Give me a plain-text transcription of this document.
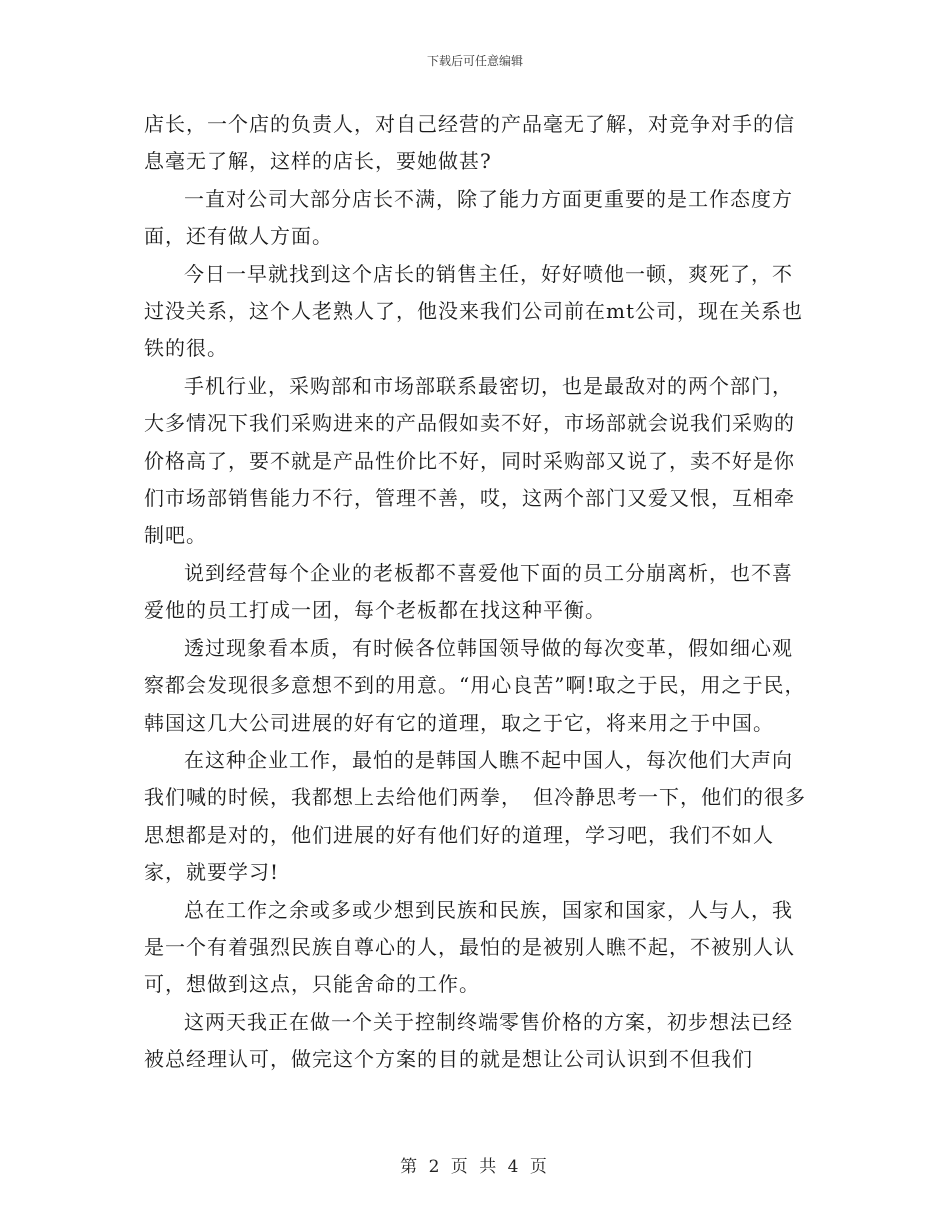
下载后可任意编辑

店长，一个店的负责人，对自己经营的产品毫无了解，对竞争对手的信息毫无了解，这样的店长，要她做甚?

一直对公司大部分店长不满，除了能力方面更重要的是工作态度方面，还有做人方面。

今日一早就找到这个店长的销售主任，好好喷他一顿，爽死了，不过没关系，这个人老熟人了，他没来我们公司前在mt公司，现在关系也铁的很。

手机行业，采购部和市场部联系最密切，也是最敌对的两个部门，大多情况下我们采购进来的产品假如卖不好，市场部就会说我们采购的价格高了，要不就是产品性价比不好，同时采购部又说了，卖不好是你们市场部销售能力不行，管理不善，哎，这两个部门又爱又恨，互相牵制吧。

说到经营每个企业的老板都不喜爱他下面的员工分崩离析，也不喜爱他的员工打成一团，每个老板都在找这种平衡。

透过现象看本质，有时候各位韩国领导做的每次变革，假如细心观察都会发现很多意想不到的用意。“用心良苦”啊!取之于民，用之于民，韩国这几大公司进展的好有它的道理，取之于它，将来用之于中国。

在这种企业工作，最怕的是韩国人瞧不起中国人，每次他们大声向我们喊的时候，我都想上去给他们两拳，　但冷静思考一下，他们的很多思想都是对的，他们进展的好有他们好的道理，学习吧，我们不如人家，就要学习!

总在工作之余或多或少想到民族和民族，国家和国家，人与人，我是一个有着强烈民族自尊心的人，最怕的是被别人瞧不起，不被别人认可，想做到这点，只能舍命的工作。

这两天我正在做一个关于控制终端零售价格的方案，初步想法已经被总经理认可，做完这个方案的目的就是想让公司认识到不但我们

第 2 页 共 4 页
